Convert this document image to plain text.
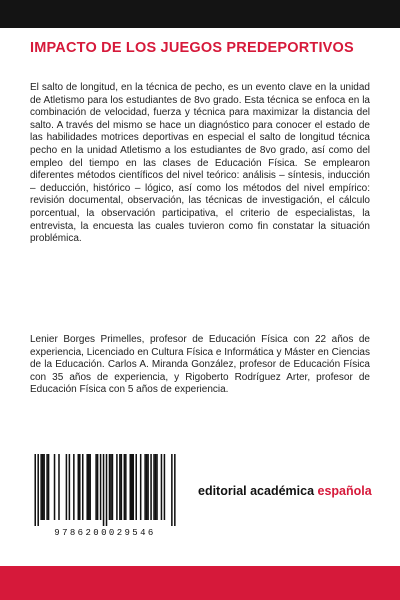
IMPACTO DE LOS JUEGOS PREDEPORTIVOS

El salto de longitud, en la técnica de pecho, es un evento clave en la unidad de Atletismo para los estudiantes de 8vo grado. Esta técnica se enfoca en la combinación de velocidad, fuerza y técnica para maximizar la distancia del salto. A través del mismo se hace un diagnóstico para conocer el estado de las habilidades motrices deportivas en especial el salto de longitud técnica pecho en la unidad Atletismo a los estudiantes de 8vo grado, así como del empleo del tiempo en las clases de Educación Física. Se emplearon diferentes métodos científicos del nivel teórico: análisis – síntesis, inducción – deducción, histórico – lógico, así como los métodos del nivel empírico: revisión documental, observación, las técnicas de investigación, el cálculo porcentual, la observación participativa, el criterio de especialistas, la entrevista, la encuesta las cuales tuvieron como fin constatar la situación problémica.

Lenier Borges Primelles, profesor de Educación Física con 22 años de experiencia, Licenciado en Cultura Física e Informática y Máster en Ciencias de la Educación. Carlos A. Miranda González, profesor de Educación Física con 35 años de experiencia, y Rigoberto Rodríguez Arter, profesor de Educación Física con 5 años de experiencia.

9786200029546
editorial académica española
